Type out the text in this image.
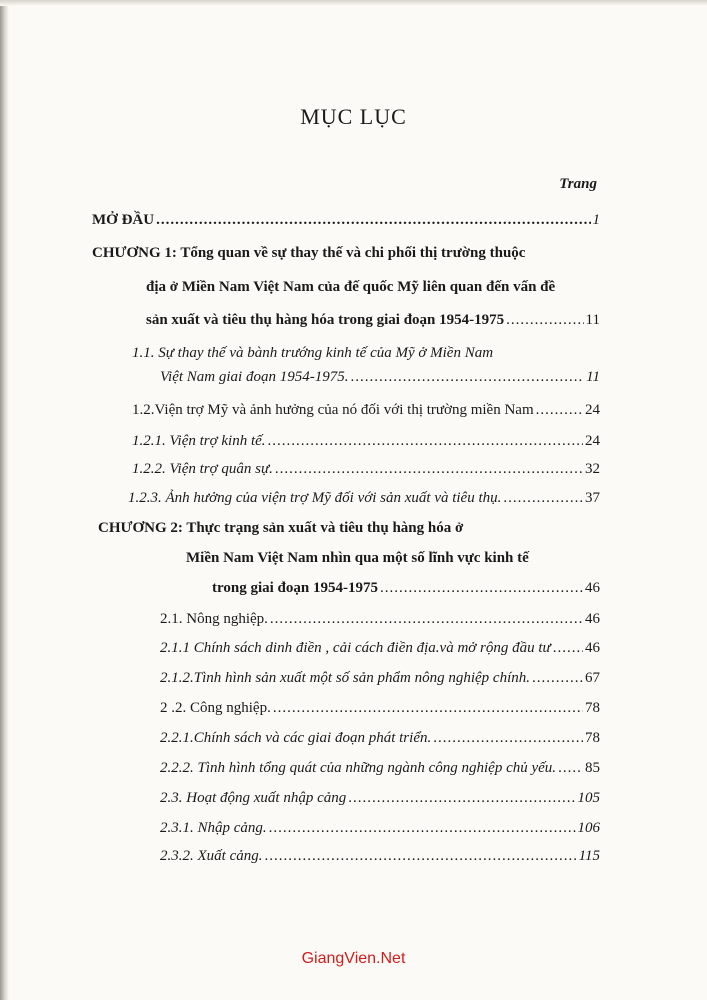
MỤC LỤC
Trang
MỞ ĐẦU .....	1
CHƯƠNG 1: Tổng quan về sự thay thế và chi phối thị trường thuộc
địa ở Miền Nam Việt Nam của đế quốc Mỹ liên quan đến vấn đề
sản xuất và tiêu thụ hàng hóa trong giai đoạn 1954-1975 .....	11
1.1. Sự thay thế và bành trướng kinh tế của Mỹ ở Miền Nam
Việt Nam giai đoạn 1954-1975. .....	11
1.2.Viện trợ Mỹ và ảnh hưởng của nó đối với thị trường miền Nam .....	24
1.2.1. Viện trợ kinh tế. .....	24
1.2.2. Viện trợ quân sự. .....	32
1.2.3. Ảnh hưởng của viện trợ Mỹ đối với sản xuất và tiêu thụ. .....	37
CHƯƠNG 2: Thực trạng sản xuất và tiêu thụ hàng hóa ở
Miền Nam Việt Nam nhìn qua một số lĩnh vực kinh tế
trong giai đoạn 1954-1975 .....	46
2.1. Nông nghiệp. .....	46
2.1.1 Chính sách dinh điền , cải cách điền địa.và mở rộng đầu tư ..... 46
2.1.2.Tình hình sản xuất một số sản phẩm nông nghiệp chính. .....	67
2 .2. Công nghiệp. .....	78
2.2.1.Chính sách và các giai đoạn phát triển. .....	78
2.2.2. Tình hình tổng quát của những ngành công nghiệp chủ yếu. ..... 85
2.3. Hoạt động xuất nhập cảng .....	105
2.3.1. Nhập cảng. .....	106
2.3.2. Xuất cảng. .....	115
GiangVien.Net
